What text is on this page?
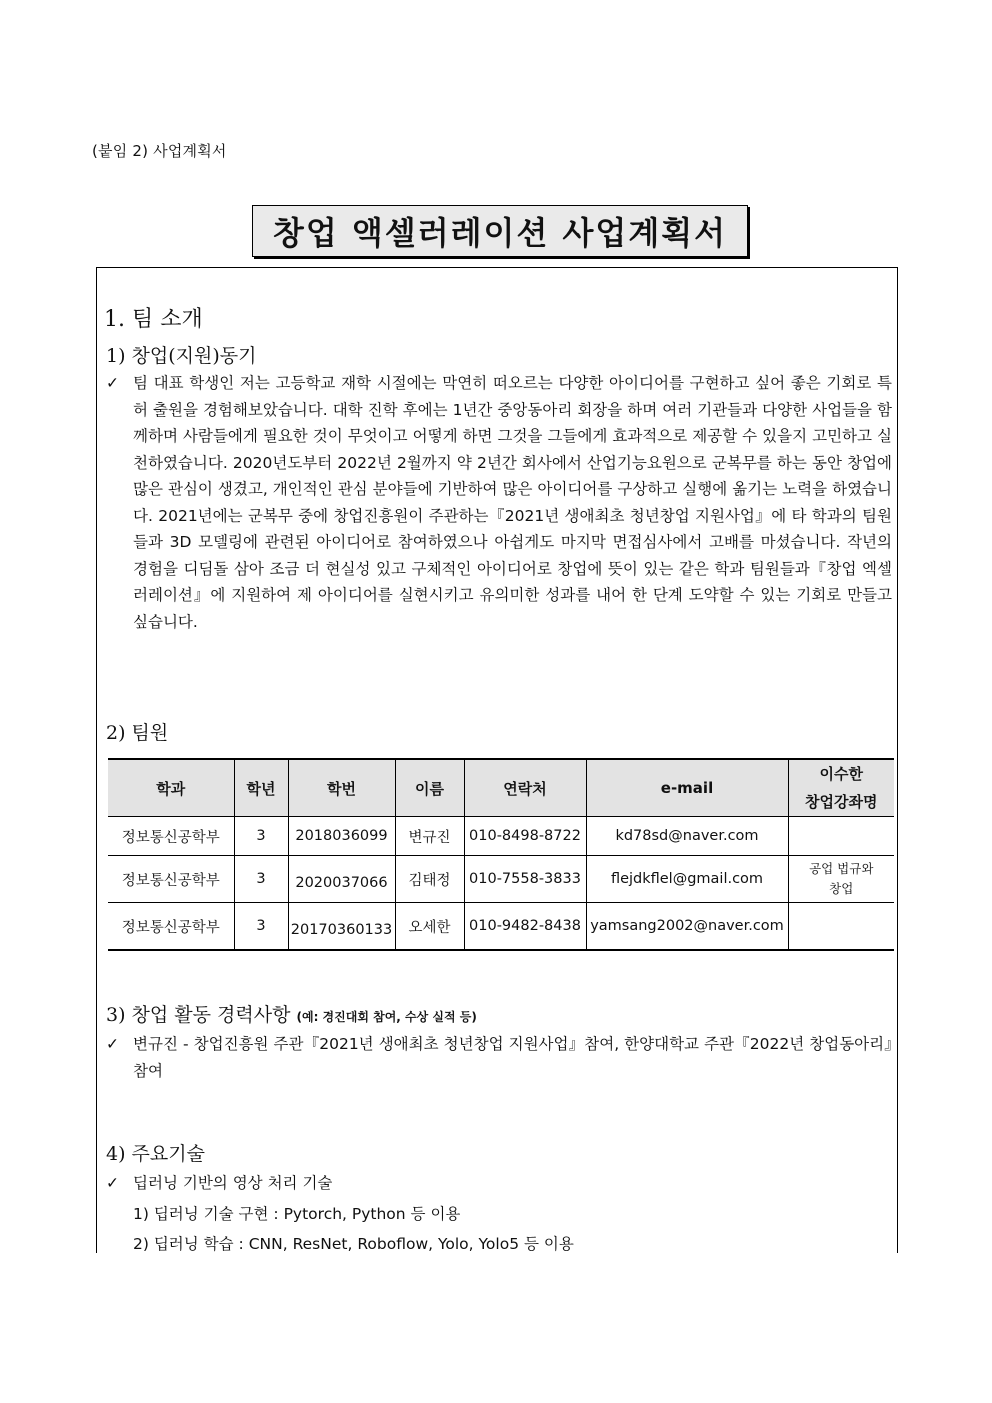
(붙임 2) 사업계획서
창업 액셀러레이션 사업계획서
1. 팀 소개
1) 창업(지원)동기
✓ 팀 대표 학생인 저는 고등학교 재학 시절에는 막연히 떠오르는 다양한 아이디어를 구현하고 싶어 좋은 기회로 특허 출원을 경험해보았습니다. 대학 진학 후에는 1년간 중앙동아리 회장을 하며 여러 기관들과 다양한 사업들을 함께하며 사람들에게 필요한 것이 무엇이고 어떻게 하면 그것을 그들에게 효과적으로 제공할 수 있을지 고민하고 실천하였습니다. 2020년도부터 2022년 2월까지 약 2년간 회사에서 산업기능요원으로 군복무를 하는 동안 창업에 많은 관심이 생겼고, 개인적인 관심 분야들에 기반하여 많은 아이디어를 구상하고 실행에 옮기는 노력을 하였습니다. 2021년에는 군복무 중에 창업진흥원이 주관하는『2021년 생애최초 청년창업 지원사업』에 타 학과의 팀원들과 3D 모델링에 관련된 아이디어로 참여하였으나 아쉽게도 마지막 면접심사에서 고배를 마셨습니다. 작년의 경험을 디딤돌 삼아 조금 더 현실성 있고 구체적인 아이디어로 창업에 뜻이 있는 같은 학과 팀원들과『창업 엑셀러레이션』에 지원하여 제 아이디어를 실현시키고 유의미한 성과를 내어 한 단계 도약할 수 있는 기회로 만들고 싶습니다.
2) 팀원
학과	학년	학번	이름	연락처	e-mail	이수한
창업강좌명
정보통신공학부	3	2018036099	변규진	010-8498-8722	kd78sd@naver.com	
정보통신공학부	3	2020037066	김태정	010-7558-3833	flejdkflel@gmail.com	공업 법규와
창업
정보통신공학부	3	20170360133	오세한	010-9482-8438	yamsang2002@naver.com	
3) 창업 활동 경력사항 (예: 경진대회 참여, 수상 실적 등)
✓ 변규진 - 창업진흥원 주관『2021년 생애최초 청년창업 지원사업』참여, 한양대학교 주관『2022년 창업동아리』참여
4) 주요기술
✓ 딥러닝 기반의 영상 처리 기술
1) 딥러닝 기술 구현 : Pytorch, Python 등 이용
2) 딥러닝 학습 : CNN, ResNet, Roboflow, Yolo, Yolo5 등 이용
